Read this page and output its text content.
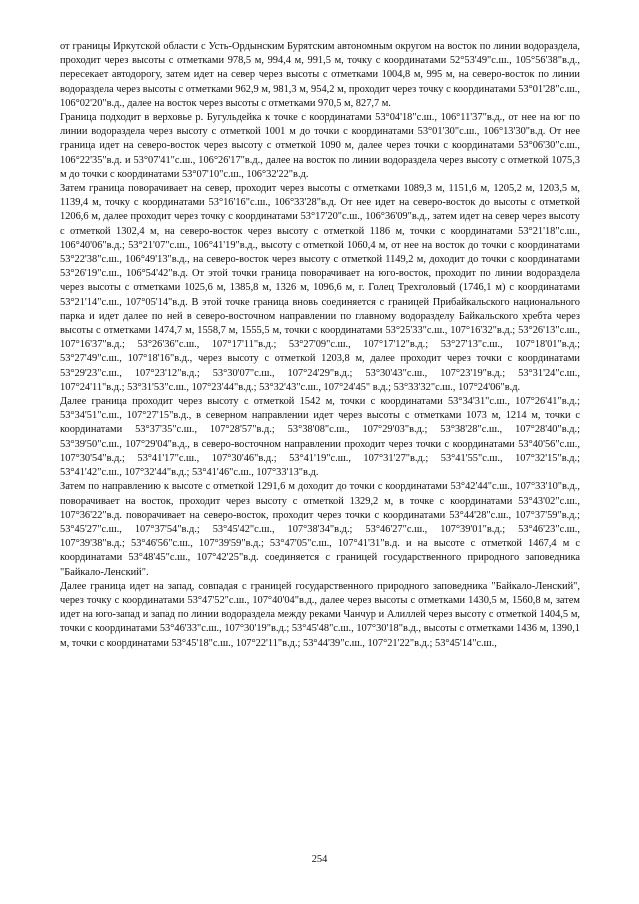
от границы Иркутской области с Усть-Ордынским Бурятским автономным округом на восток по линии водораздела, проходит через высоты с отметками 978,5 м, 994,4 м, 991,5 м, точку с координатами 52°53'49"с.ш., 105°56'38"в.д., пересекает автодорогу, затем идет на север через высоты с отметками 1004,8 м, 995 м, на северо-восток по линии водораздела через высоты с отметками 962,9 м, 981,3 м, 954,2 м, проходит через точку с координатами 53°01'28"с.ш., 106°02'20"в.д., далее на восток через высоты с отметками 970,5 м, 827,7 м.

Граница подходит в верховье р. Бугульдейка к точке с координатами 53°04'18"с.ш., 106°11'37"в.д., от нее на юг по линии водораздела через высоту с отметкой 1001 м до точки с координатами 53°01'30"с.ш., 106°13'30"в.д. От нее граница идет на северо-восток через высоту с отметкой 1090 м, далее через точки с координатами 53°06'30"с.ш., 106°22'35"в.д. и 53°07'41"с.ш., 106°26'17"в.д., далее на восток по линии водораздела через высоту с отметкой 1075,3 м до точки с координатами 53°07'10"с.ш., 106°32'22"в.д.

Затем граница поворачивает на север, проходит через высоты с отметками 1089,3 м, 1151,6 м, 1205,2 м, 1203,5 м, 1139,4 м, точку с координатами 53°16'16"с.ш., 106°33'28"в.д. От нее идет на северо-восток до высоты с отметкой 1206,6 м, далее проходит через точку с координатами 53°17'20"с.ш., 106°36'09"в.д., затем идет на север через высоту с отметкой 1302,4 м, на северо-восток через высоту с отметкой 1186 м, точки с координатами 53°21'18"с.ш., 106°40'06"в.д.; 53°21'07"с.ш., 106°41'19"в.д., высоту с отметкой 1060,4 м, от нее на восток до точки с координатами 53°22'38"с.ш., 106°49'13"в.д., на северо-восток через высоту с отметкой 1149,2 м, доходит до точки с координатами 53°26'19"с.ш., 106°54'42"в.д. От этой точки граница поворачивает на юго-восток, проходит по линии водораздела через высоты с отметками 1025,6 м, 1385,8 м, 1326 м, 1096,6 м, г. Голец Трехголовый (1746,1 м) с координатами 53°21'14"с.ш., 107°05'14"в.д. В этой точке граница вновь соединяется с границей Прибайкальского национального парка и идет далее по ней в северо-восточном направлении по главному водоразделу Байкальского хребта через высоты с отметками 1474,7 м, 1558,7 м, 1555,5 м, точки с координатами 53°25'33"с.ш., 107°16'32"в.д.; 53°26'13"с.ш., 107°16'37"в.д.; 53°26'36"с.ш., 107°17'11"в.д.; 53°27'09"с.ш., 107°17'12"в.д.; 53°27'13"с.ш., 107°18'01"в.д.; 53°27'49"с.ш., 107°18'16"в.д., через высоту с отметкой 1203,8 м, далее проходит через точки с координатами 53°29'23"с.ш., 107°23'12"в.д.; 53°30'07"с.ш., 107°24'29"в.д.; 53°30'43"с.ш., 107°23'19"в.д.; 53°31'24"с.ш., 107°24'11"в.д.; 53°31'53"с.ш., 107°23'44"в.д.; 53°32'43"с.ш., 107°24'45" в.д.; 53°33'32"с.ш., 107°24'06"в.д.

Далее граница проходит через высоту с отметкой 1542 м, точки с координатами 53°34'31"с.ш., 107°26'41"в.д.; 53°34'51"с.ш., 107°27'15"в.д., в северном направлении идет через высоты с отметками 1073 м, 1214 м, точки с координатами 53°37'35"с.ш., 107°28'57"в.д.; 53°38'08"с.ш., 107°29'03"в.д.; 53°38'28"с.ш., 107°28'40"в.д.; 53°39'50"с.ш., 107°29'04"в.д., в северо-восточном направлении проходит через точки с координатами 53°40'56"с.ш., 107°30'54"в.д.; 53°41'17"с.ш., 107°30'46"в.д.; 53°41'19"с.ш., 107°31'27"в.д.; 53°41'55"с.ш., 107°32'15"в.д.; 53°41'42"с.ш., 107°32'44"в.д.; 53°41'46"с.ш., 107°33'13"в.д.

Затем по направлению к высоте с отметкой 1291,6 м доходит до точки с координатами 53°42'44"с.ш., 107°33'10"в.д., поворачивает на восток, проходит через высоту с отметкой 1329,2 м, в точке с координатами 53°43'02"с.ш., 107°36'22"в.д. поворачивает на северо-восток, проходит через точки с координатами 53°44'28"с.ш., 107°37'59"в.д.; 53°45'27"с.ш., 107°37'54"в.д.; 53°45'42"с.ш., 107°38'34"в.д.; 53°46'27"с.ш., 107°39'01"в.д.; 53°46'23"с.ш., 107°39'38"в.д.; 53°46'56"с.ш., 107°39'59"в.д.; 53°47'05"с.ш., 107°41'31"в.д. и на высоте с отметкой 1467,4 м с координатами 53°48'45"с.ш., 107°42'25"в.д. соединяется с границей государственного природного заповедника "Байкало-Ленский".

Далее граница идет на запад, совпадая с границей государственного природного заповедника "Байкало-Ленский", через точку с координатами 53°47'52"с.ш., 107°40'04"в.д., далее через высоты с отметками 1430,5 м, 1560,8 м, затем идет на юго-запад и запад по линии водораздела между реками Чанчур и Алиллей через высоту с отметкой 1404,5 м, точки с координатами 53°46'33"с.ш., 107°30'19"в.д.; 53°45'48"с.ш., 107°30'18"в.д., высоты с отметками 1436 м, 1390,1 м, точки с координатами 53°45'18"с.ш., 107°22'11"в.д.; 53°44'39"с.ш., 107°21'22"в.д.; 53°45'14"с.ш.,

254
